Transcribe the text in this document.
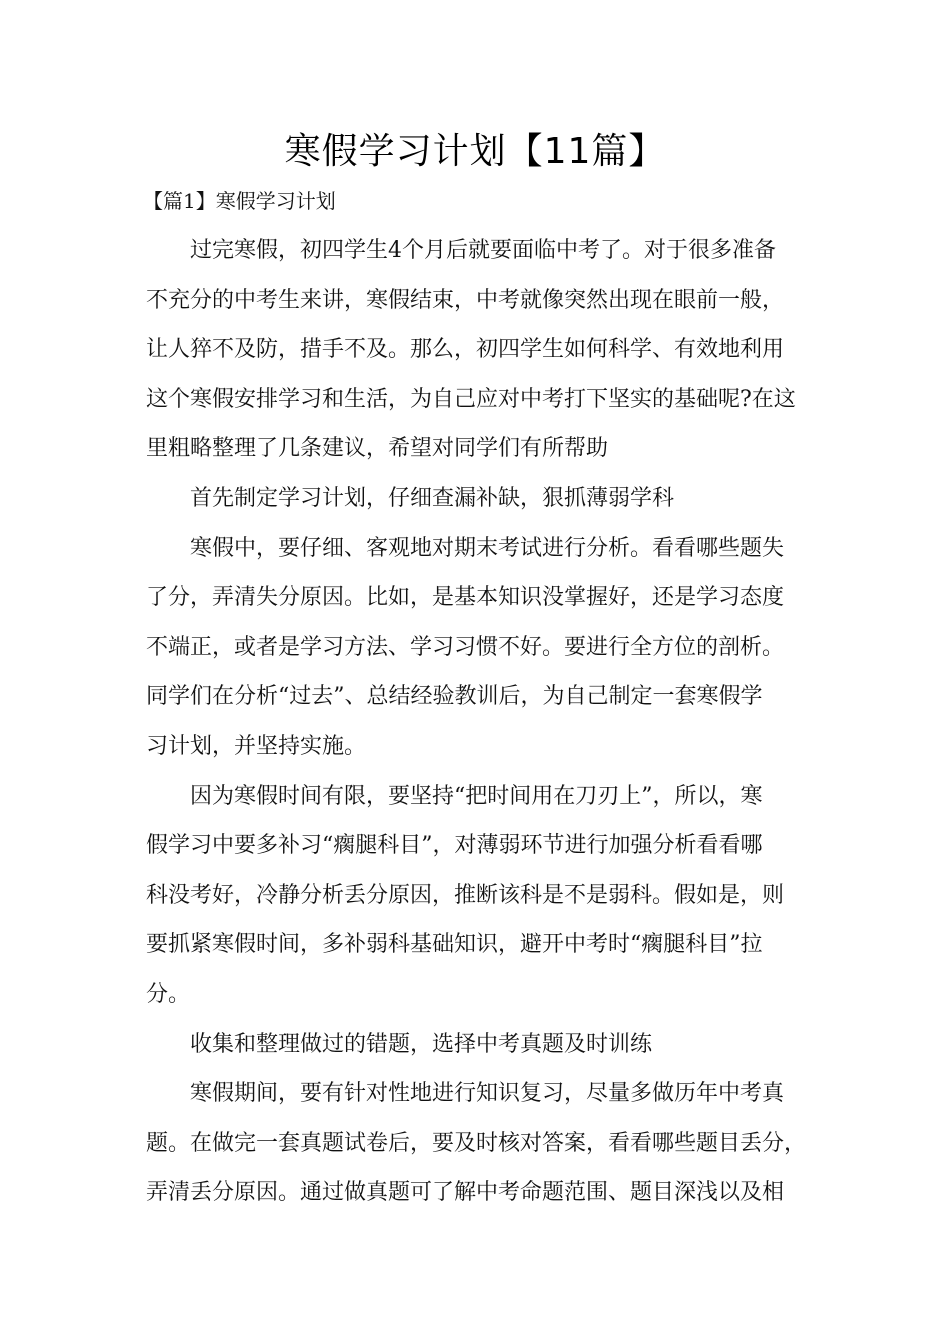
寒假学习计划【11篇】

【篇1】寒假学习计划

过完寒假，初四学生4个月后就要面临中考了。对于很多准备

不充分的中考生来讲，寒假结束，中考就像突然出现在眼前一般，

让人猝不及防，措手不及。那么，初四学生如何科学、有效地利用

这个寒假安排学习和生活，为自己应对中考打下坚实的基础呢?在这

里粗略整理了几条建议，希望对同学们有所帮助

首先制定学习计划，仔细查漏补缺，狠抓薄弱学科

寒假中，要仔细、客观地对期末考试进行分析。看看哪些题失

了分，弄清失分原因。比如，是基本知识没掌握好，还是学习态度

不端正，或者是学习方法、学习习惯不好。要进行全方位的剖析。

同学们在分析“过去”、总结经验教训后，为自己制定一套寒假学

习计划，并坚持实施。

因为寒假时间有限，要坚持“把时间用在刀刃上”，所以，寒

假学习中要多补习“瘸腿科目”，对薄弱环节进行加强分析看看哪

科没考好，冷静分析丢分原因，推断该科是不是弱科。假如是，则

要抓紧寒假时间，多补弱科基础知识，避开中考时“瘸腿科目”拉

分。

收集和整理做过的错题，选择中考真题及时训练

寒假期间，要有针对性地进行知识复习，尽量多做历年中考真

题。在做完一套真题试卷后，要及时核对答案，看看哪些题目丢分，

弄清丢分原因。通过做真题可了解中考命题范围、题目深浅以及相
